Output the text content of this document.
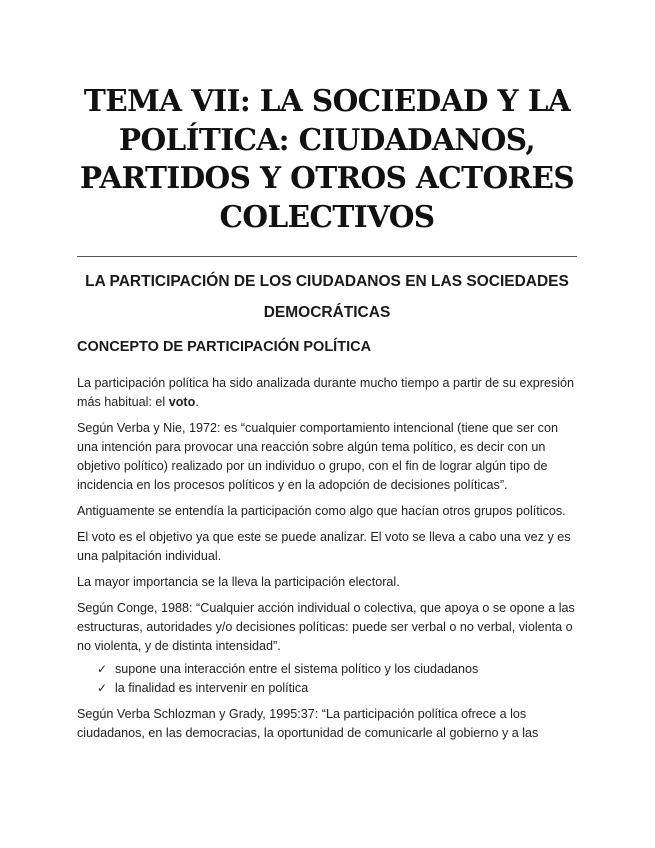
TEMA VII: LA SOCIEDAD Y LA POLÍTICA: CIUDADANOS, PARTIDOS Y OTROS ACTORES COLECTIVOS
LA PARTICIPACIÓN DE LOS CIUDADANOS EN LAS SOCIEDADES DEMOCRÁTICAS
CONCEPTO DE PARTICIPACIÓN POLÍTICA

La participación política ha sido analizada durante mucho tiempo a partir de su expresión más habitual: el voto.

Según Verba y Nie, 1972: es “cualquier comportamiento intencional (tiene que ser con una intención para provocar una reacción sobre algún tema político, es decir con un objetivo político) realizado por un individuo o grupo, con el fin de lograr algún tipo de incidencia en los procesos políticos y en la adopción de decisiones políticas”.

Antiguamente se entendía la participación como algo que hacían otros grupos políticos.

El voto es el objetivo ya que este se puede analizar. El voto se lleva a cabo una vez y es una palpitación individual.

La mayor importancia se la lleva la participación electoral.

Según Conge, 1988: “Cualquier acción individual o colectiva, que apoya o se opone a las estructuras, autoridades y/o decisiones políticas: puede ser verbal o no verbal, violenta o no violenta, y de distinta intensidad”.

✓ supone una interacción entre el sistema político y los ciudadanos
✓ la finalidad es intervenir en política

Según Verba Schlozman y Grady, 1995:37: “La participación política ofrece a los ciudadanos, en las democracias, la oportunidad de comunicarle al gobierno y a las
